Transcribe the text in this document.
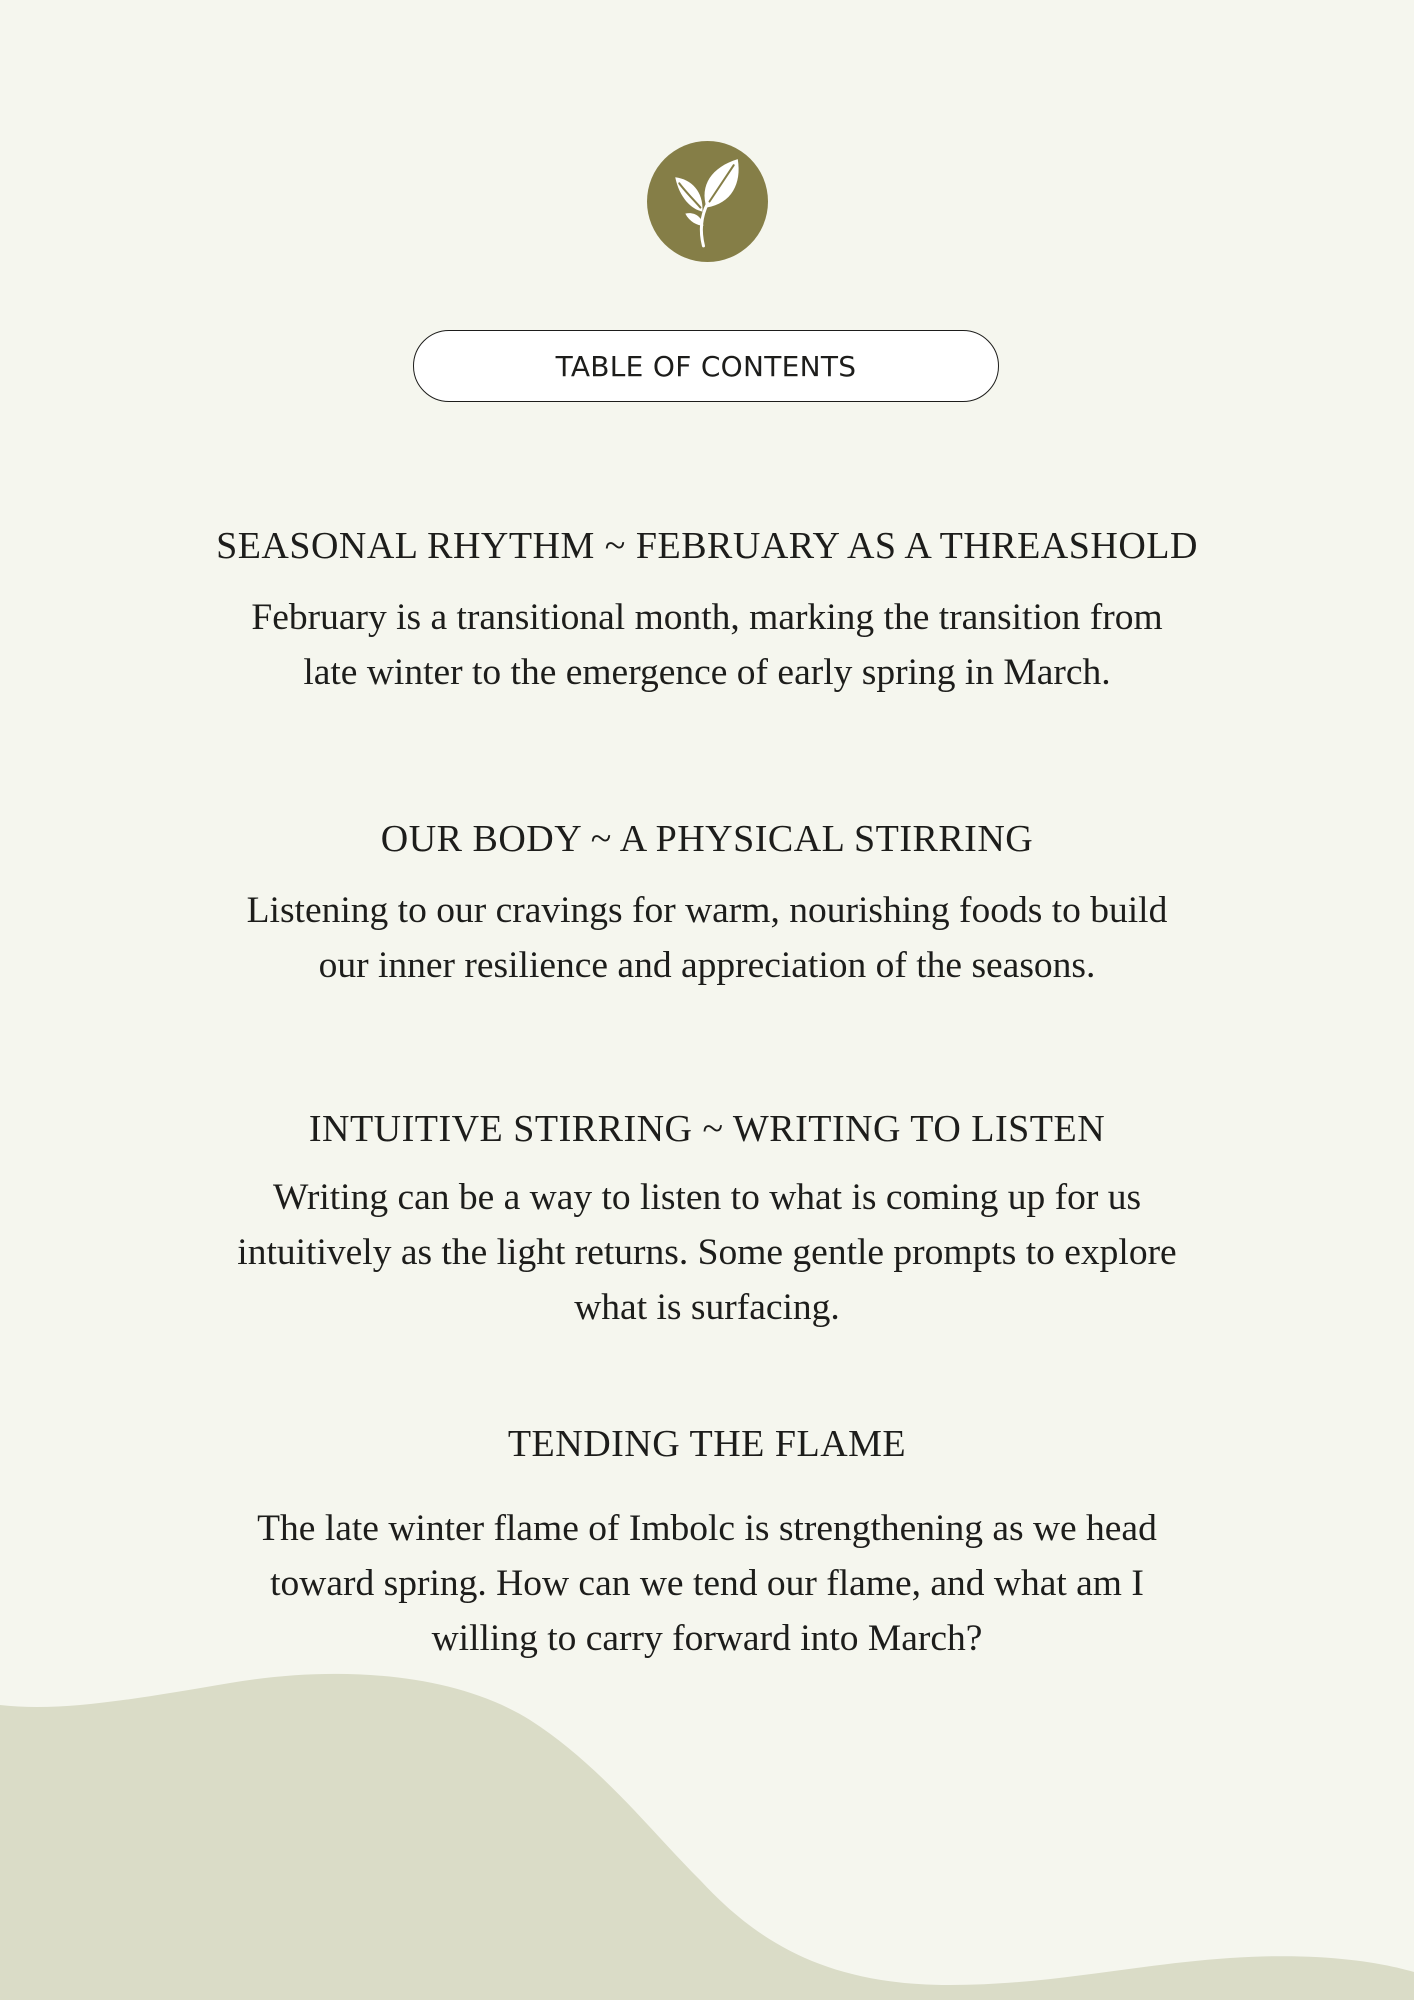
TABLE OF CONTENTS
SEASONAL RHYTHM ~ FEBRUARY AS A THREASHOLD

February is a transitional month, marking the transition from
late winter to the emergence of early spring in March.

OUR BODY ~ A PHYSICAL STIRRING

Listening to our cravings for warm, nourishing foods to build
our inner resilience and appreciation of the seasons.

INTUITIVE STIRRING ~ WRITING TO LISTEN

Writing can be a way to listen to what is coming up for us
intuitively as the light returns. Some gentle prompts to explore
what is surfacing.

TENDING THE FLAME

The late winter flame of Imbolc is strengthening as we head
toward spring. How can we tend our flame, and what am I
willing to carry forward into March?
